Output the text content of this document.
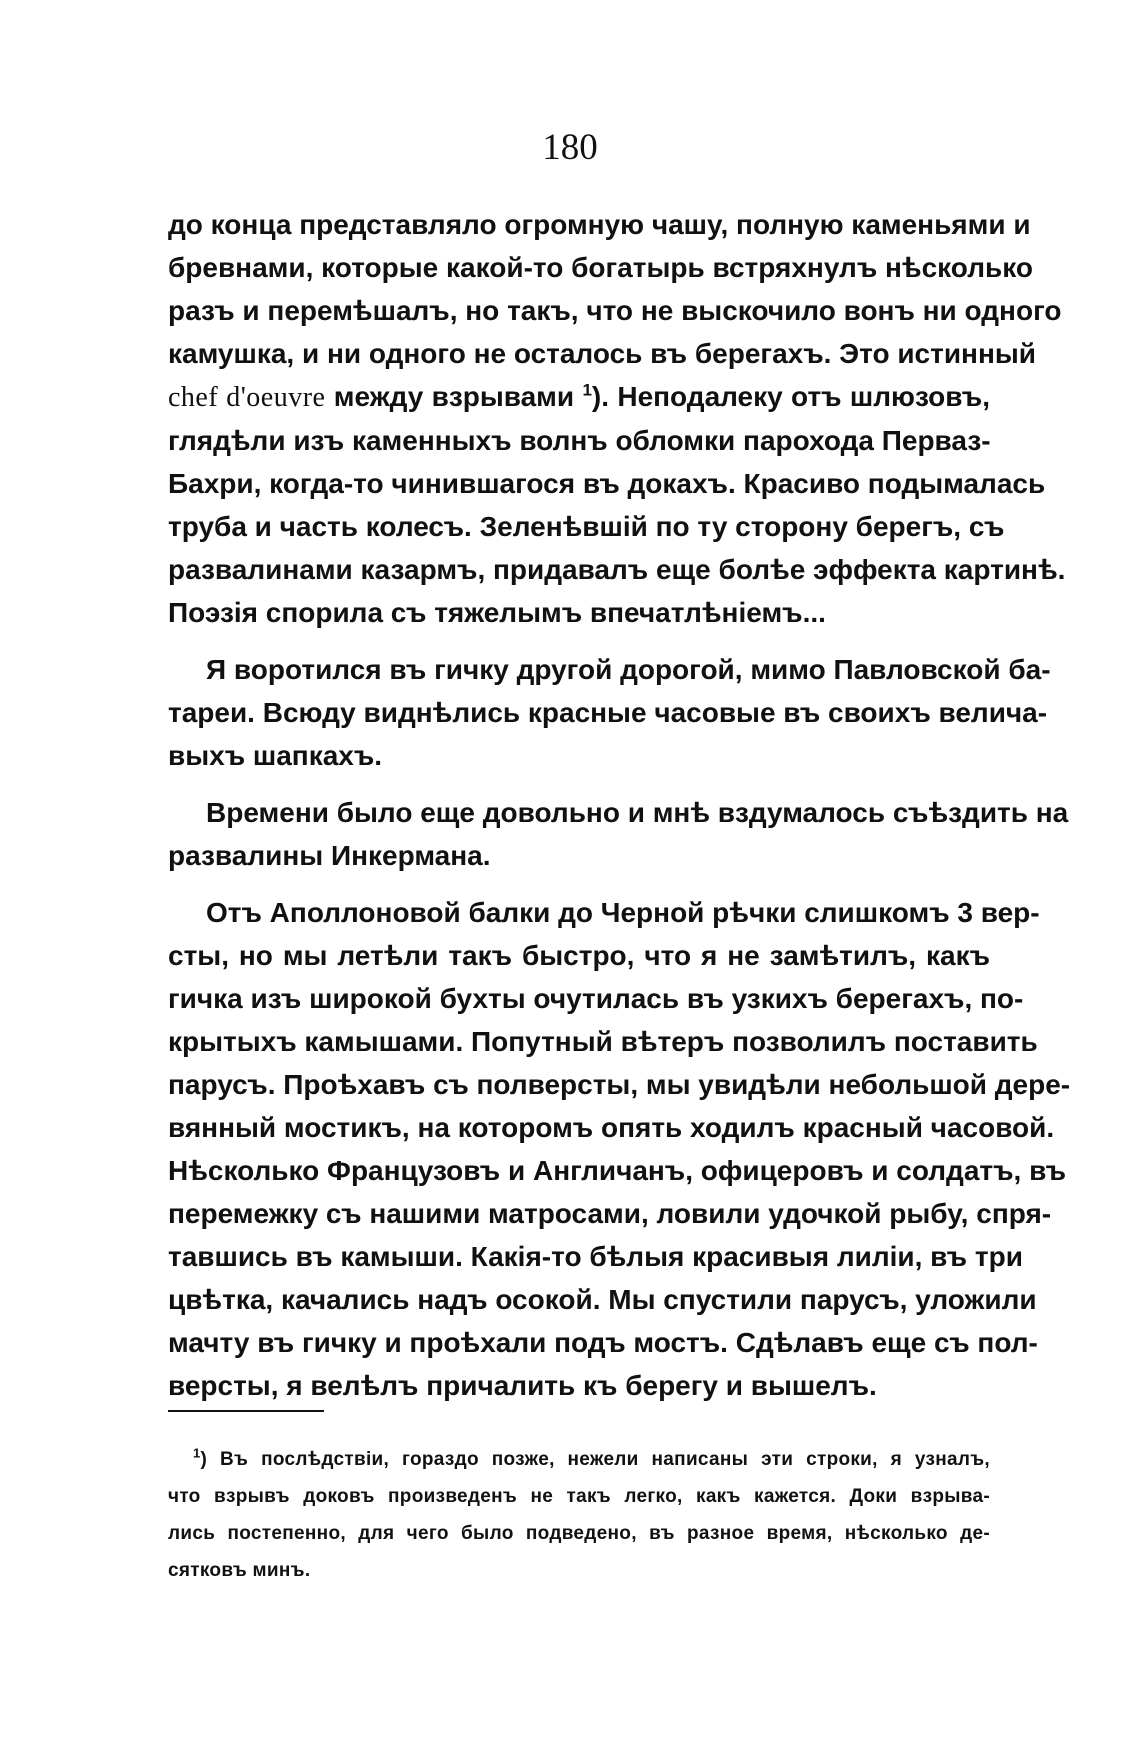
180
до конца представляло огромную чашу, полную каменьями и
бревнами, которые какой-то богатырь встряхнулъ нѣсколько
разъ и перемѣшалъ, но такъ, что не выскочило вонъ ни одного
камушка, и ни одного не осталось въ берегахъ. Это истинный
chef d'oeuvre между взрывами $^1$). Неподалеку отъ шлюзовъ,
глядѣли изъ каменныхъ волнъ обломки парохода Перваз-
Бахри, когда-то чинившагося въ докахъ. Красиво подымалась
труба и часть колесъ. Зеленѣвшій по ту сторону берегъ, съ
развалинами казармъ, придавалъ еще болѣе эффекта картинѣ.
Поэзія спорила съ тяжелымъ впечатлѣніемъ...
Я воротился въ гичку другой дорогой, мимо Павловской ба-
тареи. Всюду виднѣлись красные часовые въ своихъ велича-
выхъ шапкахъ.
Времени было еще довольно и мнѣ вздумалось съѣздить на
развалины Инкермана.
Отъ Аполлоновой балки до Черной рѣчки слишкомъ 3 вер-
сты, но мы летѣли такъ быстро, что я не замѣтилъ, какъ
гичка изъ широкой бухты очутилась въ узкихъ берегахъ, по-
крытыхъ камышами. Попутный вѣтеръ позволилъ поставить
парусъ. Проѣхавъ съ полверсты, мы увидѣли небольшой дере-
вянный мостикъ, на которомъ опять ходилъ красный часовой.
Нѣсколько Французовъ и Англичанъ, офицеровъ и солдатъ, въ
перемежку съ нашими матросами, ловили удочкой рыбу, спря-
тавшись въ камыши. Какія-то бѣлыя красивыя лиліи, въ три
цвѣтка, качались надъ осокой. Мы спустили парусъ, уложили
мачту въ гичку и проѣхали подъ мостъ. Сдѣлавъ еще съ пол-
версты, я велѣлъ причалить къ берегу и вышелъ.
$^1$) Въ послѣдствіи, гораздо позже, нежели написаны эти строки, я узналъ,
что взрывъ доковъ произведенъ не такъ легко, какъ кажется. Доки взрыва-
лись постепенно, для чего было подведено, въ разное время, нѣсколько де-
сятковъ минъ.
